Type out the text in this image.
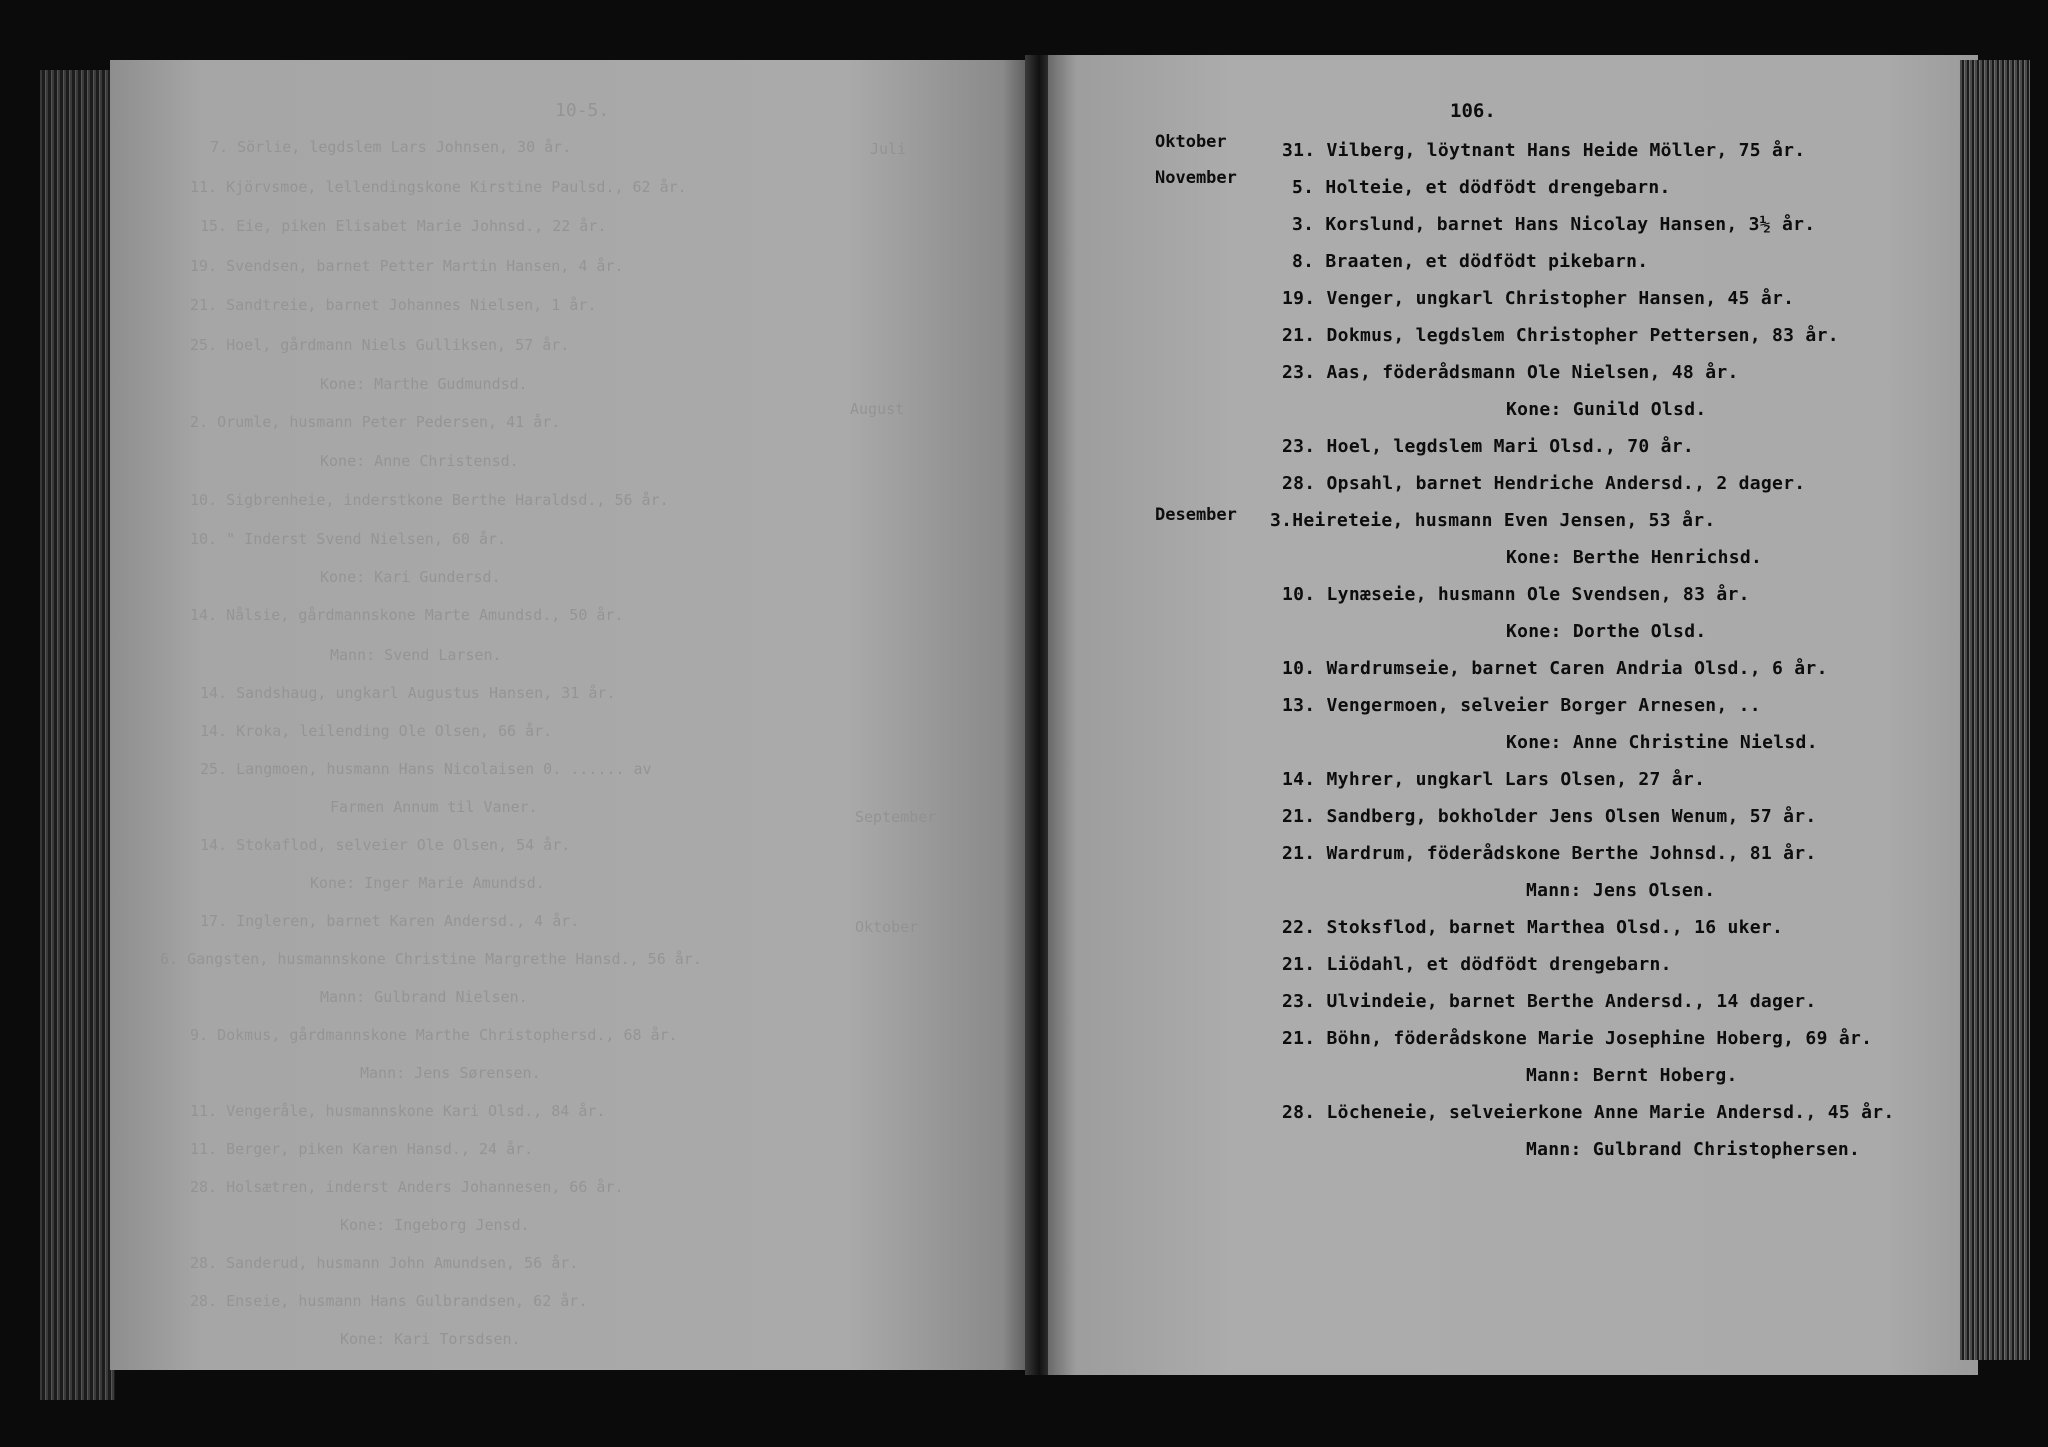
10-5.
Juli
August
September
Oktober
7. Sörlie, legdslem Lars Johnsen, 30 år.
11. Kjörvsmoe, lellendingskone Kirstine Paulsd., 62 år.
15. Eie, piken Elisabet Marie Johnsd., 22 år.
19. Svendsen, barnet Petter Martin Hansen, 4 år.
21. Sandtreie, barnet Johannes Nielsen, 1 år.
25. Hoel, gårdmann Niels Gulliksen, 57 år.
Kone: Marthe Gudmundsd.
2. Orumle, husmann Peter Pedersen, 41 år.
Kone: Anne Christensd.
10. Sigbrenheie, inderstkone Berthe Haraldsd., 56 år.
10. " Inderst Svend Nielsen, 60 år.
Kone: Kari Gundersd.
14. Nålsie, gårdmannskone Marte Amundsd., 50 år.
Mann: Svend Larsen.
14. Sandshaug, ungkarl Augustus Hansen, 31 år.
14. Kroka, leilending Ole Olsen, 66 år.
25. Langmoen, husmann Hans Nicolaisen 0. ...... av
Farmen Annum til Vaner.
14. Stokaflod, selveier Ole Olsen, 54 år.
Kone: Inger Marie Amundsd.
17. Ingleren, barnet Karen Andersd., 4 år.
6. Gangsten, husmannskone Christine Margrethe Hansd., 56 år.
Mann: Gulbrand Nielsen.
9. Dokmus, gårdmannskone Marthe Christophersd., 68 år.
Mann: Jens Sørensen.
11. Vengeråle, husmannskone Kari Olsd., 84 år.
11. Berger, piken Karen Hansd., 24 år.
28. Holsætren, inderst Anders Johannesen, 66 år.
Kone: Ingeborg Jensd.
28. Sanderud, husmann John Amundsen, 56 år.
28. Enseie, husmann Hans Gulbrandsen, 62 år.
Kone: Kari Torsdsen.
106.
Oktober
November
Desember
31. Vilberg, löytnant Hans Heide Möller, 75 år.
5. Holteie, et dödfödt drengebarn.
3. Korslund, barnet Hans Nicolay Hansen, 3½ år.
8. Braaten, et dödfödt pikebarn.
19. Venger, ungkarl Christopher Hansen, 45 år.
21. Dokmus, legdslem Christopher Pettersen, 83 år.
23. Aas, föderådsmann Ole Nielsen, 48 år.
Kone: Gunild Olsd.
23. Hoel, legdslem Mari Olsd., 70 år.
28. Opsahl, barnet Hendriche Andersd., 2 dager.
3.Heireteie, husmann Even Jensen, 53 år.
Kone: Berthe Henrichsd.
10. Lynæseie, husmann Ole Svendsen, 83 år.
Kone: Dorthe Olsd.
10. Wardrumseie, barnet Caren Andria Olsd., 6 år.
13. Vengermoen, selveier Borger Arnesen, ..
Kone: Anne Christine Nielsd.
14. Myhrer, ungkarl Lars Olsen, 27 år.
21. Sandberg, bokholder Jens Olsen Wenum, 57 år.
21. Wardrum, föderådskone Berthe Johnsd., 81 år.
Mann: Jens Olsen.
22. Stoksflod, barnet Marthea Olsd., 16 uker.
21. Liödahl, et dödfödt drengebarn.
23. Ulvindeie, barnet Berthe Andersd., 14 dager.
21. Böhn, föderådskone Marie Josephine Hoberg, 69 år.
Mann: Bernt Hoberg.
28. Löcheneie, selveierkone Anne Marie Andersd., 45 år.
Mann: Gulbrand Christophersen.
